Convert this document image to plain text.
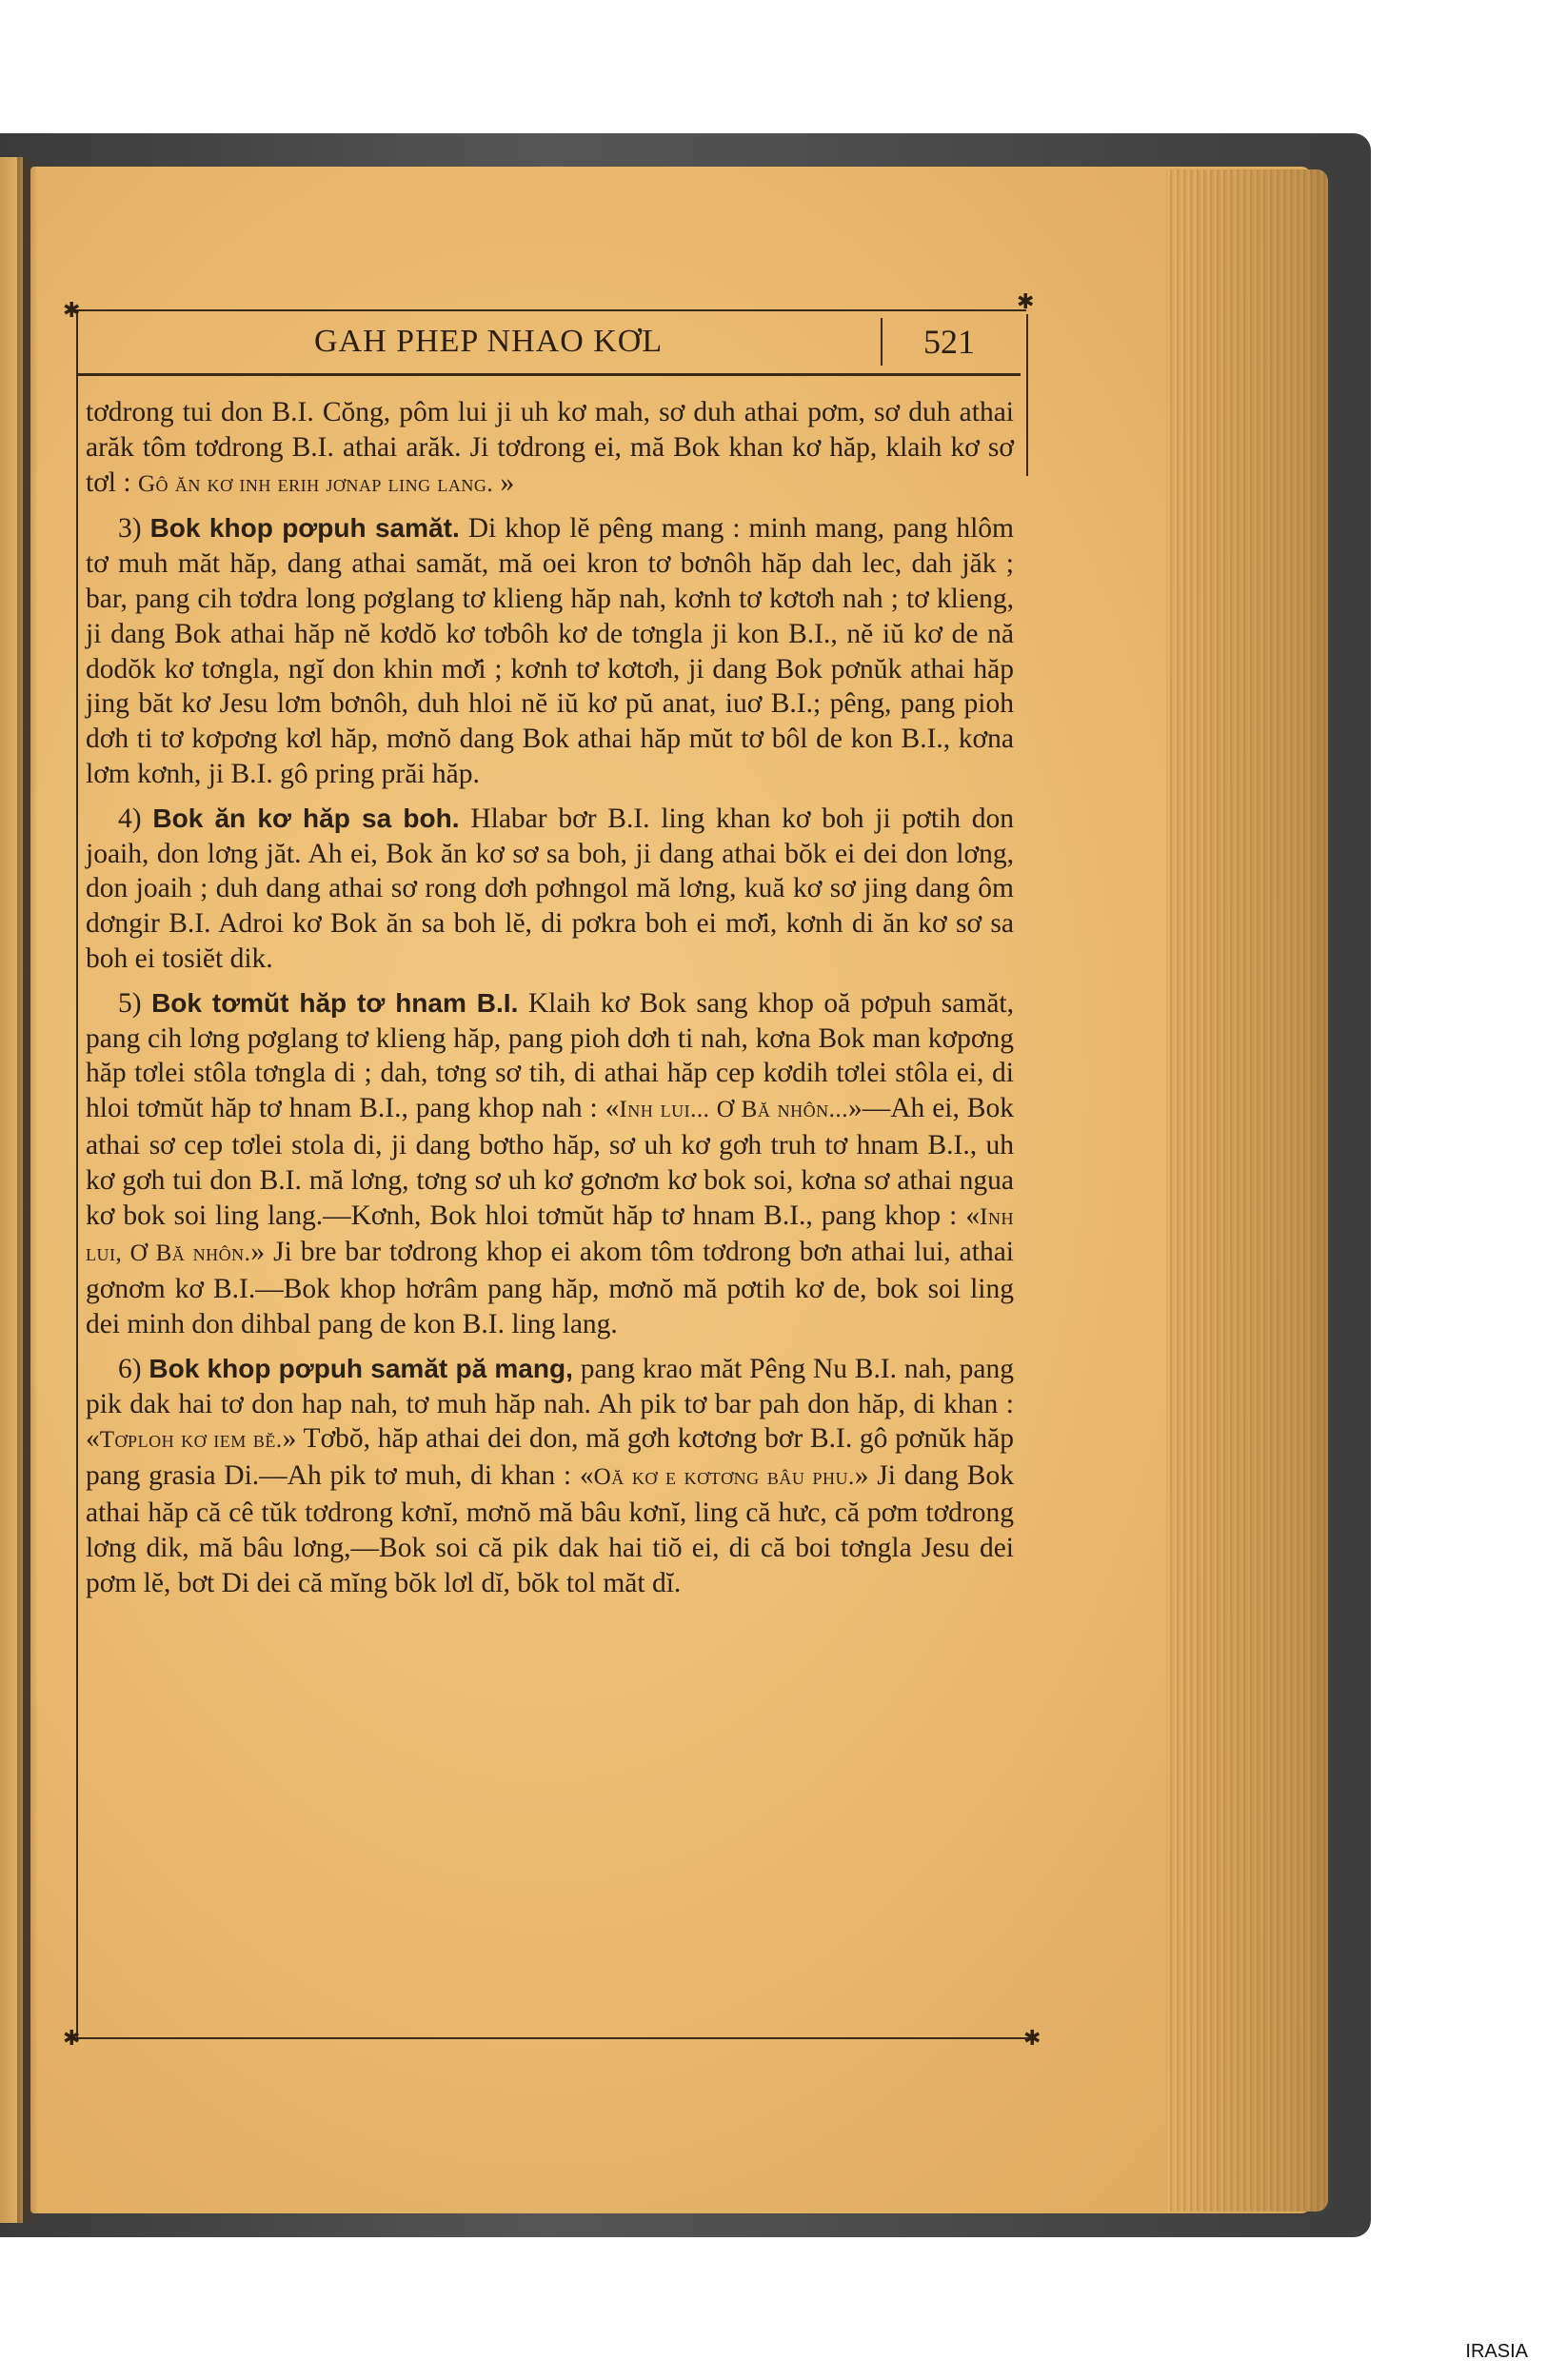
✱	✱
✱	✱
GAH PHEP NHAO KƠL	521

tơdrong tui don B.I. Cŏng, pôm lui ji uh kơ mah, sơ duh athai pơm, sơ duh athai arăk tôm tơdrong B.I. athai arăk. Ji tơdrong ei, mă Bok khan kơ hăp, klaih kơ sơ tơl : Gô ăn kơ inh erih jơnap ling lang. »

3) Bok khop pơpuh samăt. Di khop lĕ pêng mang : minh mang, pang hlôm tơ muh măt hăp, dang athai samăt, mă oei kron tơ bơnôh hăp dah lec, dah jăk ; bar, pang cih tơdra long pơglang tơ klieng hăp nah, kơnh tơ kơtơh nah ; tơ klieng, ji dang Bok athai hăp nĕ kơdŏ kơ tơbôh kơ de tơngla ji kon B.I., nĕ iŭ kơ de nă dodŏk kơ tơngla, ngĭ don khin mơ̆i ; kơnh tơ kơtơh, ji dang Bok pơnŭk athai hăp jing băt kơ Jesu lơm bơnôh, duh hloi nĕ iŭ kơ pŭ anat, iuơ B.I.; pêng, pang pioh dơh ti tơ kơpơng kơl hăp, mơnŏ dang Bok athai hăp mŭt tơ bôl de kon B.I., kơna lơm kơnh, ji B.I. gô pring prăi hăp.

4) Bok ăn kơ hăp sa boh. Hlabar bơr B.I. ling khan kơ boh ji pơtih don joaih, don lơng jăt. Ah ei, Bok ăn kơ sơ sa boh, ji dang athai bŏk ei dei don lơng, don joaih ; duh dang athai sơ rong dơh pơhngol mă lơng, kuă kơ sơ jing dang ôm dơngir B.I. Adroi kơ Bok ăn sa boh lĕ, di pơkra boh ei mơ̆i, kơnh di ăn kơ sơ sa boh ei tosiĕt dik.

5) Bok tơmŭt hăp tơ hnam B.I. Klaih kơ Bok sang khop oă pơpuh samăt, pang cih lơng pơglang tơ klieng hăp, pang pioh dơh ti nah, kơna Bok man kơpơng hăp tơlei stôla tơngla di ; dah, tơng sơ tih, di athai hăp cep kơdih tơlei stôla ei, di hloi tơmŭt hăp tơ hnam B.I., pang khop nah : «Inh lui... Ơ Bă nhôn...»—Ah ei, Bok athai sơ cep tơlei stola di, ji dang bơtho hăp, sơ uh kơ gơh truh tơ hnam B.I., uh kơ gơh tui don B.I. mă lơng, tơng sơ uh kơ gơnơm kơ bok soi, kơna sơ athai ngua kơ bok soi ling lang.—Kơnh, Bok hloi tơmŭt hăp tơ hnam B.I., pang khop : «Inh lui, Ơ Bă nhôn.» Ji bre bar tơdrong khop ei akom tôm tơdrong bơn athai lui, athai gơnơm kơ B.I.—Bok khop hơrâm pang hăp, mơnŏ mă pơtih kơ de, bok soi ling dei minh don dihbal pang de kon B.I. ling lang.

6) Bok khop pơpuh samăt pă mang, pang krao măt Pêng Nu B.I. nah, pang pik dak hai tơ don hap nah, tơ muh hăp nah. Ah pik tơ bar pah don hăp, di khan : «Tơploh kơ iem bĕ.» Tơbŏ, hăp athai dei don, mă gơh kơtơng bơr B.I. gô pơnŭk hăp pang grasia Di.—Ah pik tơ muh, di khan : «Oă kơ e kơtơng bâu phu.» Ji dang Bok athai hăp că cê tŭk tơdrong kơnĭ, mơnŏ mă bâu kơnĭ, ling că hưc, că pơm tơdrong lơng dik, mă bâu lơng,—Bok soi că pik dak hai tiŏ ei, di că boi tơngla Jesu dei pơm lĕ, bơt Di dei că mĭng bŏk lơl dĭ, bŏk tol măt dĭ.

IRASIA
